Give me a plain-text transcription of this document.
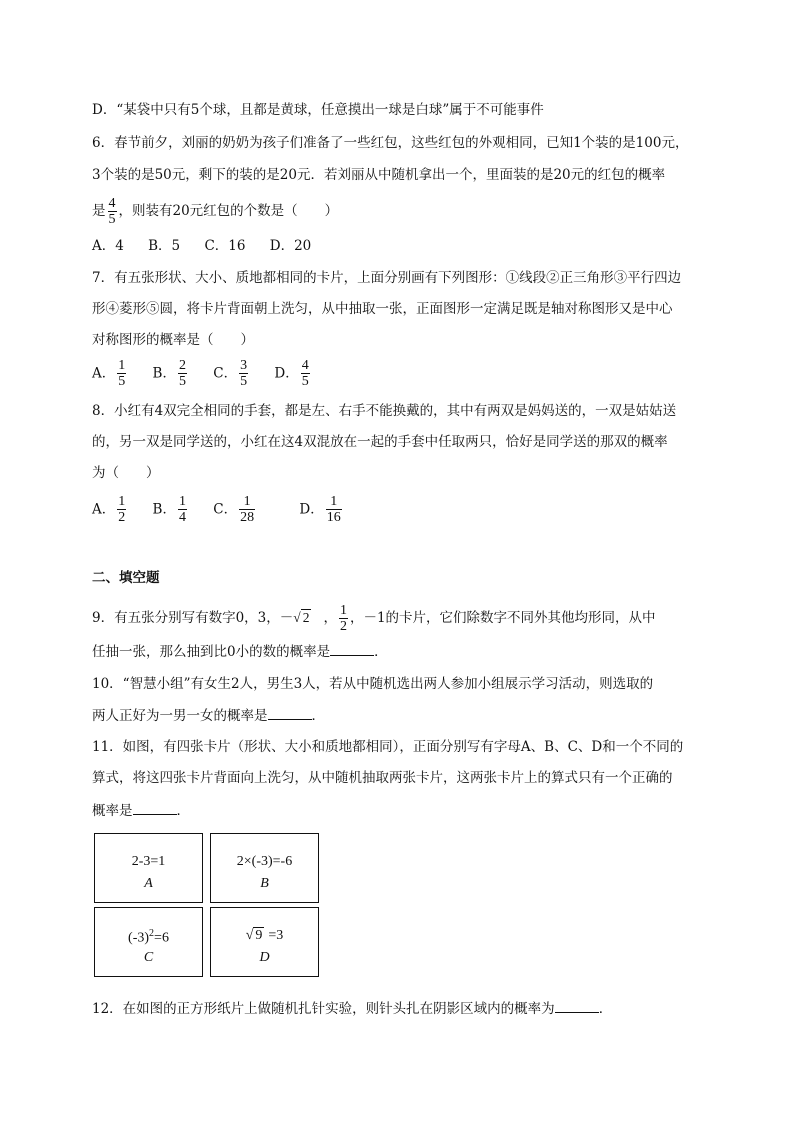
D．“某袋中只有5个球，且都是黄球，任意摸出一球是白球”属于不可能事件
6．春节前夕，刘丽的奶奶为孩子们准备了一些红包，这些红包的外观相同，已知1个装的是100元，
3个装的是50元，剩下的装的是20元．若刘丽从中随机拿出一个，里面装的是20元的红包的概率
是 $\frac{4}{5}$ ，则装有20元红包的个数是（　　）
A．4 B．5 C．16 D．20
7．有五张形状、大小、质地都相同的卡片，上面分别画有下列图形：①线段②正三角形③平行四边
形④菱形⑤圆，将卡片背面朝上洗匀，从中抽取一张，正面图形一定满足既是轴对称图形又是中心
对称图形的概率是（　　）
A． $\frac{1}{5}$ B． $\frac{2}{5}$ C． $\frac{3}{5}$ D． $\frac{4}{5}$
8．小红有4双完全相同的手套，都是左、右手不能换戴的，其中有两双是妈妈送的，一双是姑姑送
的，另一双是同学送的，小红在这4双混放在一起的手套中任取两只，恰好是同学送的那双的概率
为（　　）
A． $\frac{1}{2}$ B． $\frac{1}{4}$ C． $\frac{1}{28}$	D． $\frac{1}{16}$
二、填空题
9．有五张分别写有数字0，3，－√ 2 ， $\frac{1}{2}$ ，－1的卡片，它们除数字不同外其他均形同，从中
任抽一张，那么抽到比0小的数的概率是	．
10．“智慧小组”有女生2人，男生3人，若从中随机选出两人参加小组展示学习活动，则选取的
两人正好为一男一女的概率是	．
11．如图，有四张卡片（形状、大小和质地都相同），正面分别写有字母A、B、C、D和一个不同的
算式，将这四张卡片背面向上洗匀，从中随机抽取两张卡片，这两张卡片上的算式只有一个正确的
概率是	．
2-3=1
A
2×(-3)=-6
B
$(-3)^2=6$
C
√ 9 =3
D
12．在如图的正方形纸片上做随机扎针实验，则针头扎在阴影区域内的概率为	．
